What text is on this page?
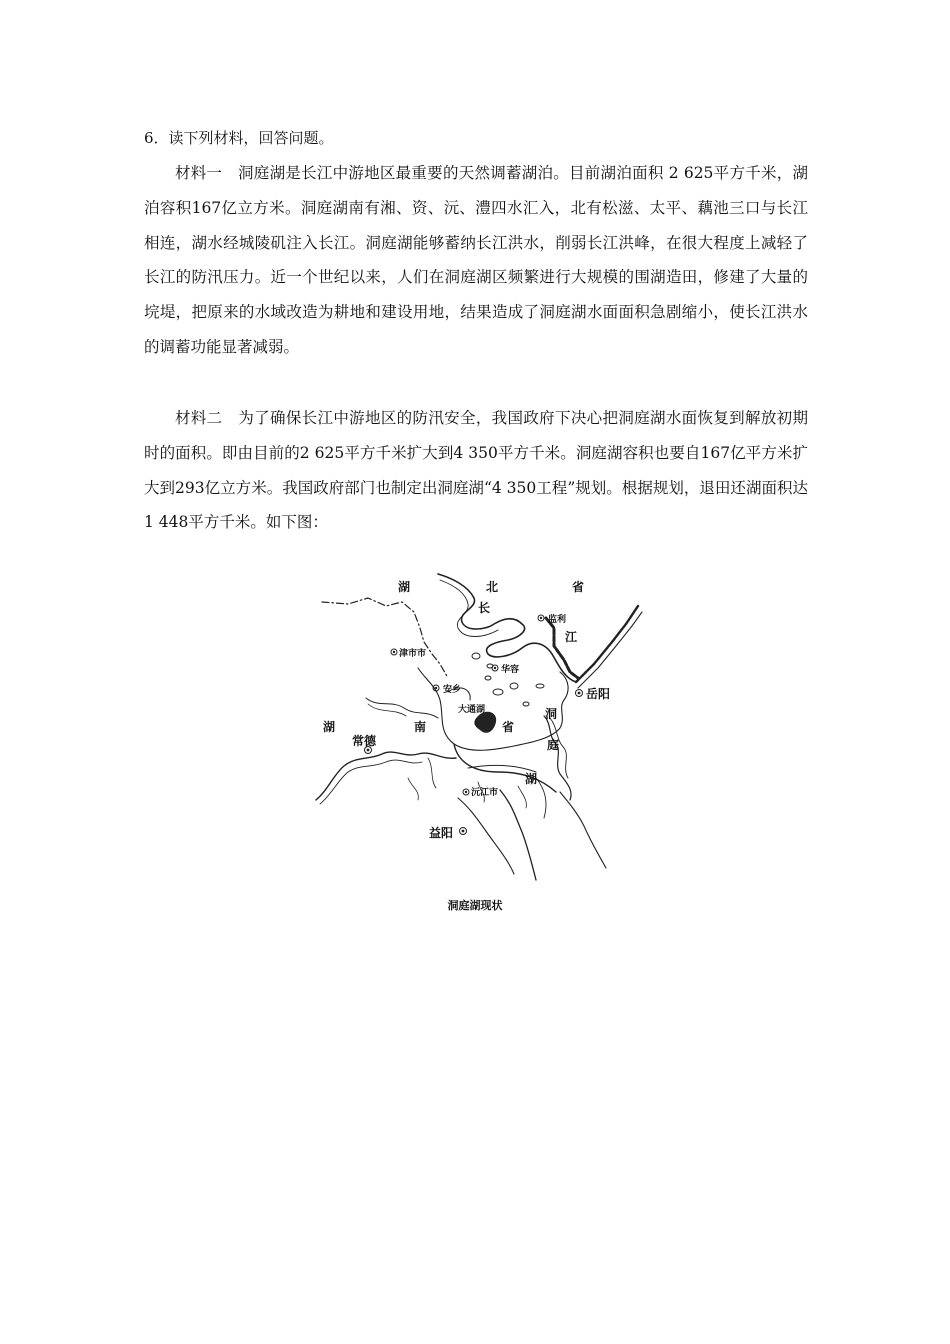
6．读下列材料，回答问题。

材料一　洞庭湖是长江中游地区最重要的天然调蓄湖泊。目前湖泊面积 2 625平方千米，湖泊容积167亿立方米。洞庭湖南有湘、资、沅、澧四水汇入，北有松滋、太平、藕池三口与长江相连，湖水经城陵矶注入长江。洞庭湖能够蓄纳长江洪水，削弱长江洪峰，在很大程度上减轻了长江的防汛压力。近一个世纪以来，人们在洞庭湖区频繁进行大规模的围湖造田，修建了大量的垸堤，把原来的水域改造为耕地和建设用地，结果造成了洞庭湖水面面积急剧缩小，使长江洪水的调蓄功能显著减弱。

材料二　为了确保长江中游地区的防汛安全，我国政府下决心把洞庭湖水面恢复到解放初期时的面积。即由目前的2 625平方千米扩大到4 350平方千米。洞庭湖容积也要自167亿平方米扩大到293亿立方米。我国政府部门也制定出洞庭湖“4 350工程”规划。根据规划，退田还湖面积达1 448平方千米。如下图：

湖	北	省
长
监利
江
津市市
华容
安乡	岳阳
大通湖	洞
湖	南	省
常德	庭
湖
沅江市
益阳
洞庭湖现状
